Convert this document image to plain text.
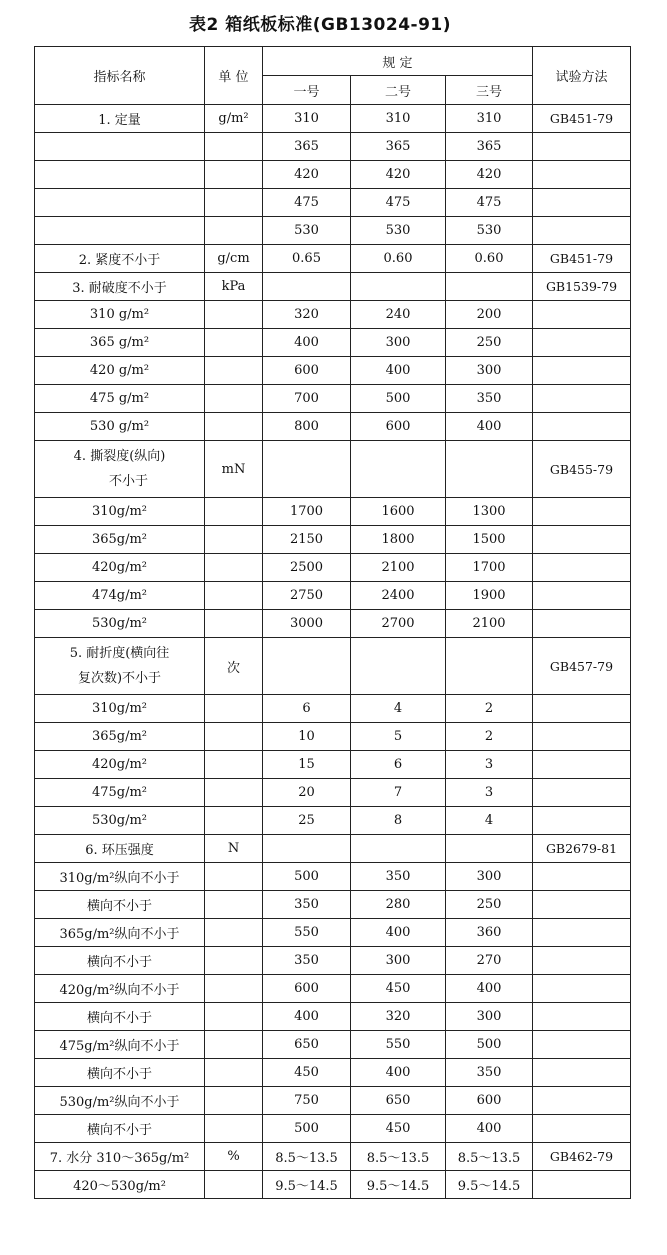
表2 箱纸板标准(GB13024-91)
指标名称	单 位	规 定			试验方法
		一号	二号	三号	
1. 定量	g/m²	310	310	310	GB451-79
		365	365	365	
		420	420	420	
		475	475	475	
		530	530	530	
2. 紧度不小于	g/cm	0.65	0.60	0.60	GB451-79
3. 耐破度不小于	kPa				GB1539-79
310 g/m²		320	240	200	
365 g/m²		400	300	250	
420 g/m²		600	400	300	
475 g/m²		700	500	350	
530 g/m²		800	600	400	
4. 撕裂度(纵向)
不小于	mN				GB455-79
310g/m²		1700	1600	1300	
365g/m²		2150	1800	1500	
420g/m²		2500	2100	1700	
474g/m²		2750	2400	1900	
530g/m²		3000	2700	2100	
5. 耐折度(横向往
复次数)不小于	次				GB457-79
310g/m²		6	4	2	
365g/m²		10	5	2	
420g/m²		15	6	3	
475g/m²		20	7	3	
530g/m²		25	8	4	
6. 环压强度	N				GB2679-81
310g/m²纵向不小于		500	350	300	
横向不小于		350	280	250	
365g/m²纵向不小于		550	400	360	
横向不小于		350	300	270	
420g/m²纵向不小于		600	450	400	
横向不小于		400	320	300	
475g/m²纵向不小于		650	550	500	
横向不小于		450	400	350	
530g/m²纵向不小于		750	650	600	
横向不小于		500	450	400	
7. 水分 310～365g/m²	%	8.5～13.5	8.5～13.5	8.5～13.5	GB462-79
420～530g/m²		9.5～14.5	9.5～14.5	9.5～14.5	
